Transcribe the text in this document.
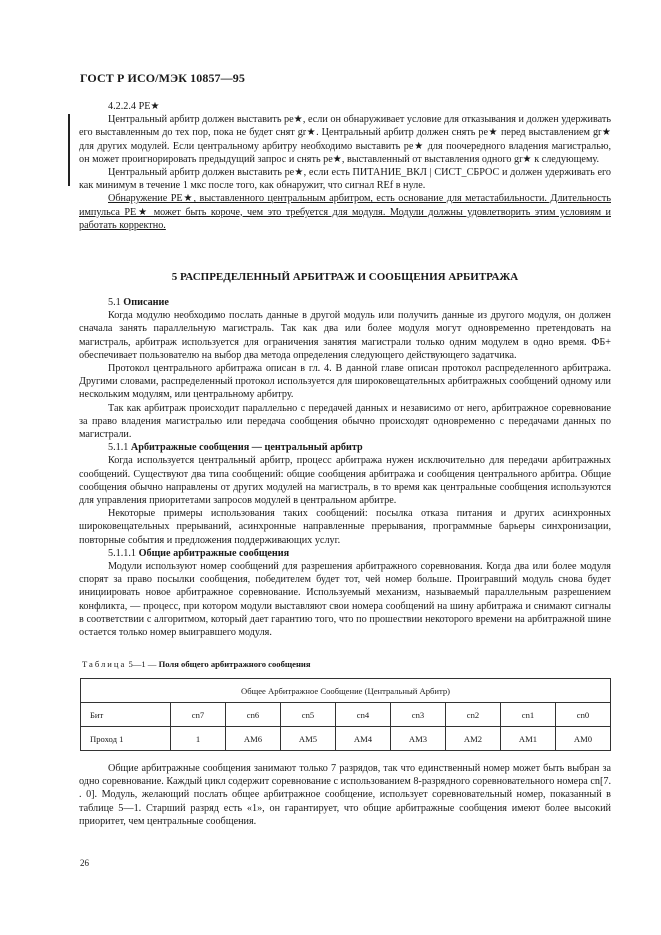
ГОСТ Р ИСО/МЭК 10857—95
4.2.2.4 РЕ★

Центральный арбитр должен выставить ре★, если он обнаруживает условие для отказывания и должен удерживать его выставленным до тех пор, пока не будет снят gr★. Центральный арбитр должен снять ре★ перед выставлением gr★ для других модулей. Если центральному арбитру необходимо выставить ре★ для поочередного владения магистралью, он может проигнорировать предыдущий запрос и снять ре★, выставленный от выставления одного gr★ к следующему.

Центральный арбитр должен выставить ре★, если есть ПИТАНИЕ_ВКЛ | СИСТ_СБРОС и должен удерживать его как минимум в течение 1 мкс после того, как обнаружит, что сигнал REf в нуле.

Обнаружение РЕ★, выставленного центральным арбитром, есть основание для метастабильности. Длительность импульса РЕ★ может быть короче, чем это требуется для модуля. Модули должны удовлетворить этим условиям и работать корректно.

5 РАСПРЕДЕЛЕННЫЙ АРБИТРАЖ И СООБЩЕНИЯ АРБИТРАЖА
5.1 Описание

Когда модулю необходимо послать данные в другой модуль или получить данные из другого модуля, он должен сначала занять параллельную магистраль. Так как два или более модуля могут одновременно претендовать на магистраль, арбитраж используется для ограничения занятия магистрали только одним модулем в одно время. ФБ+ обеспечивает пользователю на выбор два метода определения следующего действующего задатчика.

Протокол центрального арбитража описан в гл. 4. В данной главе описан протокол распределенного арбитража. Другими словами, распределенный протокол используется для широковещательных арбитражных сообщений одному или нескольким модулям, или центральному арбитру.

Так как арбитраж происходит параллельно с передачей данных и независимо от него, арбитражное соревнование за право владения магистралью или передача сообщения обычно происходят одновременно с передачами данных по магистрали.

5.1.1 Арбитражные сообщения — центральный арбитр

Когда используется центральный арбитр, процесс арбитража нужен исключительно для передачи арбитражных сообщений. Существуют два типа сообщений: общие сообщения арбитража и сообщения центрального арбитра. Общие сообщения обычно направлены от других модулей на магистраль, в то время как центральные сообщения используются для управления приоритетами запросов модулей в центральном арбитре.

Некоторые примеры использования таких сообщений: посылка отказа питания и других асинхронных широковещательных прерываний, асинхронные направленные прерывания, программные барьеры синхронизации, повторные события и предложения поддерживающих услуг.

5.1.1.1 Общие арбитражные сообщения

Модули используют номер сообщений для разрешения арбитражного соревнования. Когда два или более модуля спорят за право посылки сообщения, победителем будет тот, чей номер больше. Проигравший модуль снова будет инициировать новое арбитражное соревнование. Используемый механизм, называемый параллельным разрешением конфликта, — процесс, при котором модули выставляют свои номера сообщений на шину арбитража и снимают сигналы в соответствии с алгоритмом, который дает гарантию того, что по прошествии некоторого времени на арбитражной шине остается только номер выигравшего модуля.

Таблица 5—1 — Поля общего арбитражного сообщения
Общее Арбитражное Сообщение (Центральный Арбитр)								
Бит	cn7	cn6	cn5	cn4	cn3	cn2	cn1	cn0
Проход 1	1	AM6	AM5	AM4	AM3	AM2	AM1	AM0

Общие арбитражные сообщения занимают только 7 разрядов, так что единственный номер может быть выбран за одно соревнование. Каждый цикл содержит соревнование с использованием 8-разрядного соревновательного номера cn[7. . 0]. Модуль, желающий послать общее арбитражное сообщение, использует соревновательный номер, показанный в таблице 5—1. Старший разряд есть «1», он гарантирует, что общие арбитражные сообщения имеют более высокий приоритет, чем центральные сообщения.

26
